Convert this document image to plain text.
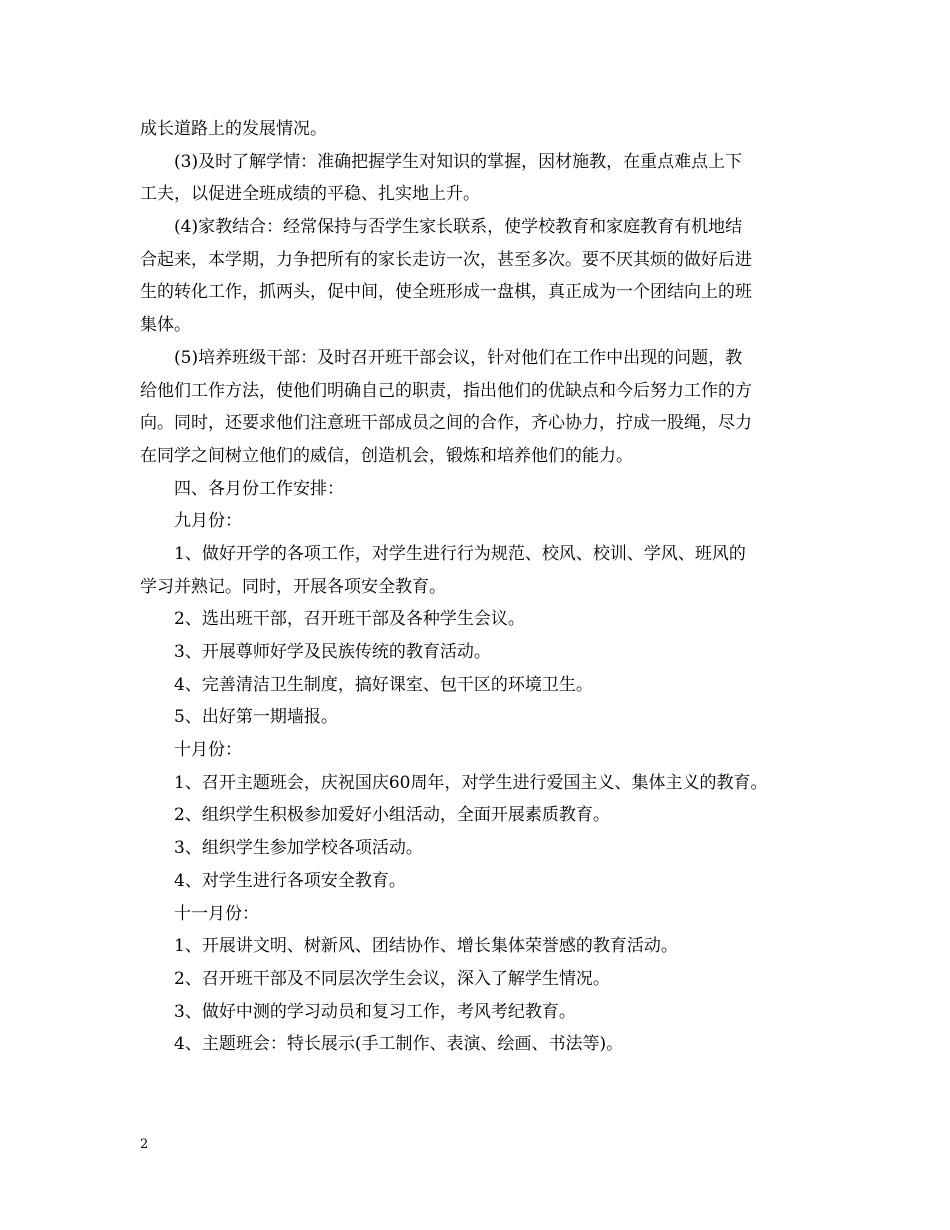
成长道路上的发展情况。
(3)及时了解学情：准确把握学生对知识的掌握，因材施教，在重点难点上下
工夫，以促进全班成绩的平稳、扎实地上升。
(4)家教结合：经常保持与否学生家长联系，使学校教育和家庭教育有机地结
合起来，本学期，力争把所有的家长走访一次，甚至多次。要不厌其烦的做好后进
生的转化工作，抓两头，促中间，使全班形成一盘棋，真正成为一个团结向上的班
集体。
(5)培养班级干部：及时召开班干部会议，针对他们在工作中出现的问题，教
给他们工作方法，使他们明确自己的职责，指出他们的优缺点和今后努力工作的方
向。同时，还要求他们注意班干部成员之间的合作，齐心协力，拧成一股绳，尽力
在同学之间树立他们的威信，创造机会，锻炼和培养他们的能力。
四、各月份工作安排：
九月份：
1、做好开学的各项工作，对学生进行行为规范、校风、校训、学风、班风的
学习并熟记。同时，开展各项安全教育。
2、选出班干部，召开班干部及各种学生会议。
3、开展尊师好学及民族传统的教育活动。
4、完善清洁卫生制度，搞好课室、包干区的环境卫生。
5、出好第一期墙报。
十月份：
1、召开主题班会，庆祝国庆60周年，对学生进行爱国主义、集体主义的教育。
2、组织学生积极参加爱好小组活动，全面开展素质教育。
3、组织学生参加学校各项活动。
4、对学生进行各项安全教育。
十一月份：
1、开展讲文明、树新风、团结协作、增长集体荣誉感的教育活动。
2、召开班干部及不同层次学生会议，深入了解学生情况。
3、做好中测的学习动员和复习工作，考风考纪教育。
4、主题班会：特长展示(手工制作、表演、绘画、书法等)。
2
